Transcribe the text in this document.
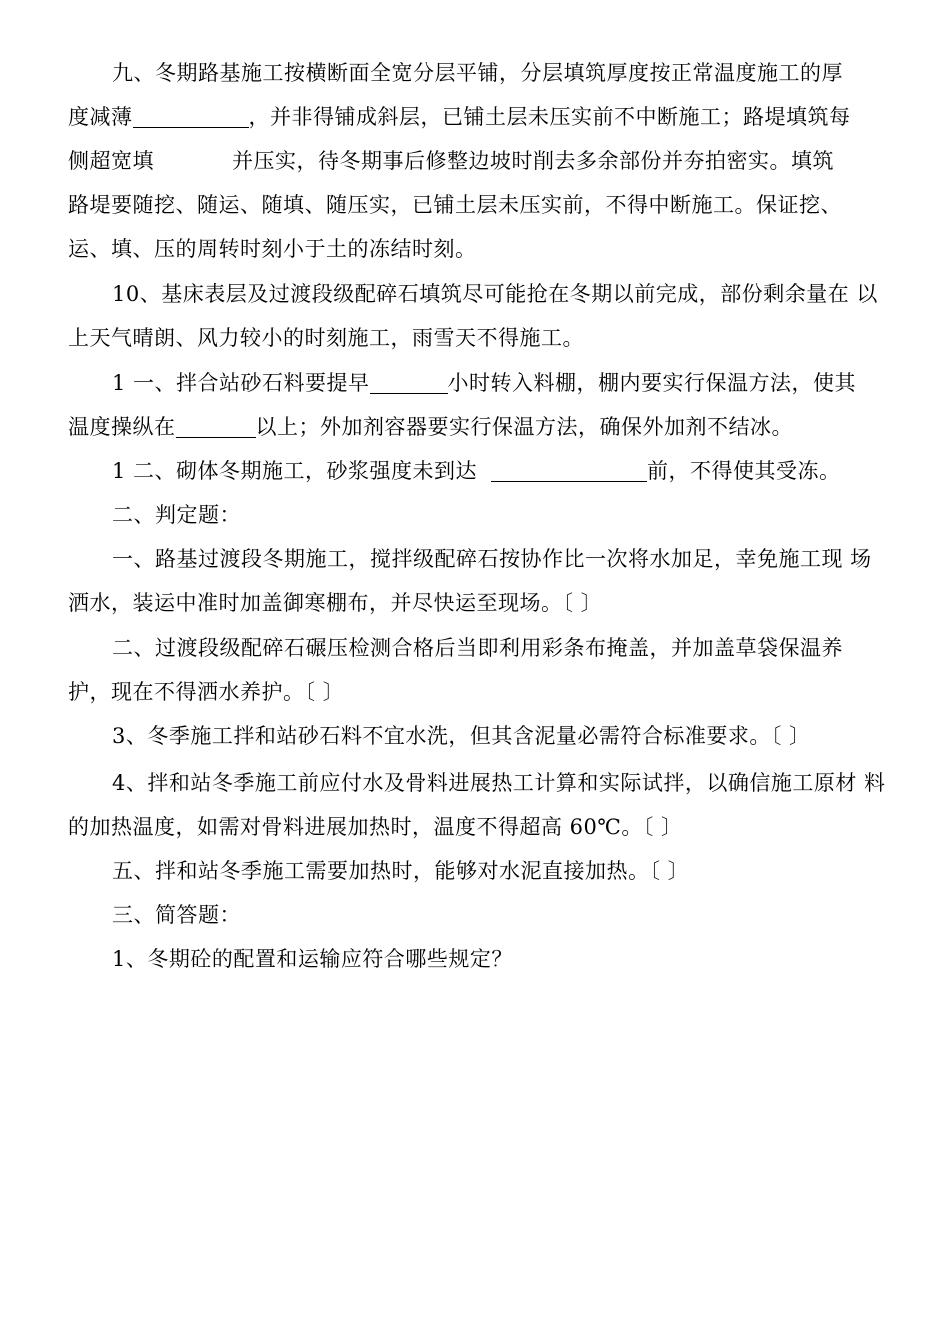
九、冬期路基施工按横断面全宽分层平铺，分层填筑厚度按正常温度施工的厚
度减薄	，并非得铺成斜层，已铺土层未压实前不中断施工；路堤填筑每
侧超宽填	并压实，待冬期事后修整边坡时削去多余部份并夯拍密实。填筑
路堤要随挖、随运、随填、随压实，已铺土层未压实前，不得中断施工。保证挖、
运、填、压的周转时刻小于土的冻结时刻。
10、基床表层及过渡段级配碎石填筑尽可能抢在冬期以前完成，部份剩余量在 以
上天气晴朗、风力较小的时刻施工，雨雪天不得施工。
1 一、拌合站砂石料要提早	小时转入料棚，棚内要实行保温方法，使其
温度操纵在	以上；外加剂容器要实行保温方法，确保外加剂不结冰。
1 二、砌体冬期施工，砂浆强度未到达	前，不得使其受冻。
二、判定题：
一、路基过渡段冬期施工，搅拌级配碎石按协作比一次将水加足，幸免施工现 场
洒水，装运中准时加盖御寒棚布，并尽快运至现场。〔 〕
二、过渡段级配碎石碾压检测合格后当即利用彩条布掩盖，并加盖草袋保温养
护，现在不得洒水养护。〔 〕
3、冬季施工拌和站砂石料不宜水洗，但其含泥量必需符合标准要求。〔 〕
4、拌和站冬季施工前应付水及骨料进展热工计算和实际试拌，以确信施工原材 料
的加热温度，如需对骨料进展加热时，温度不得超高 60℃。〔 〕
五、拌和站冬季施工需要加热时，能够对水泥直接加热。〔 〕
三、简答题：
1、冬期砼的配置和运输应符合哪些规定？
